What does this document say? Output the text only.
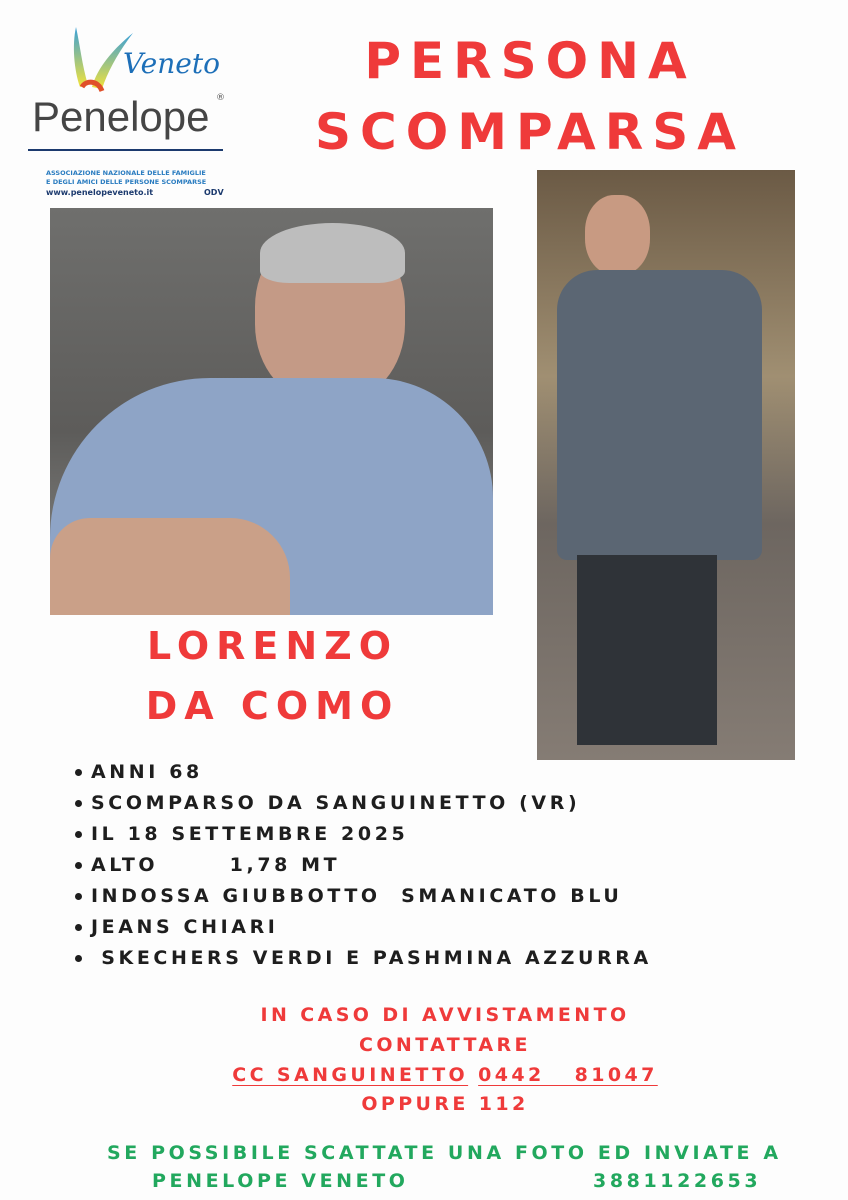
Veneto
Penelope ®
ASSOCIAZIONE NAZIONALE DELLE FAMIGLIE
E DEGLI AMICI DELLE PERSONE SCOMPARSE
www.penelopeveneto.it	ODV
PERSONA
SCOMPARSA
LORENZO
DA COMO
ANNI 68
SCOMPARSO DA SANGUINETTO (VR)
IL 18 SETTEMBRE 2025
ALTO       1,78 MT
INDOSSA GIUBBOTTO  SMANICATO BLU
JEANS CHIARI
SKECHERS VERDI E PASHMINA AZZURRA
IN CASO DI AVVISTAMENTO
CONTATTARE
CC SANGUINETTO 0442   81047
OPPURE 112
SE POSSIBILE SCATTATE UNA FOTO ED INVIATE A
PENELOPE VENETO	3881122653
